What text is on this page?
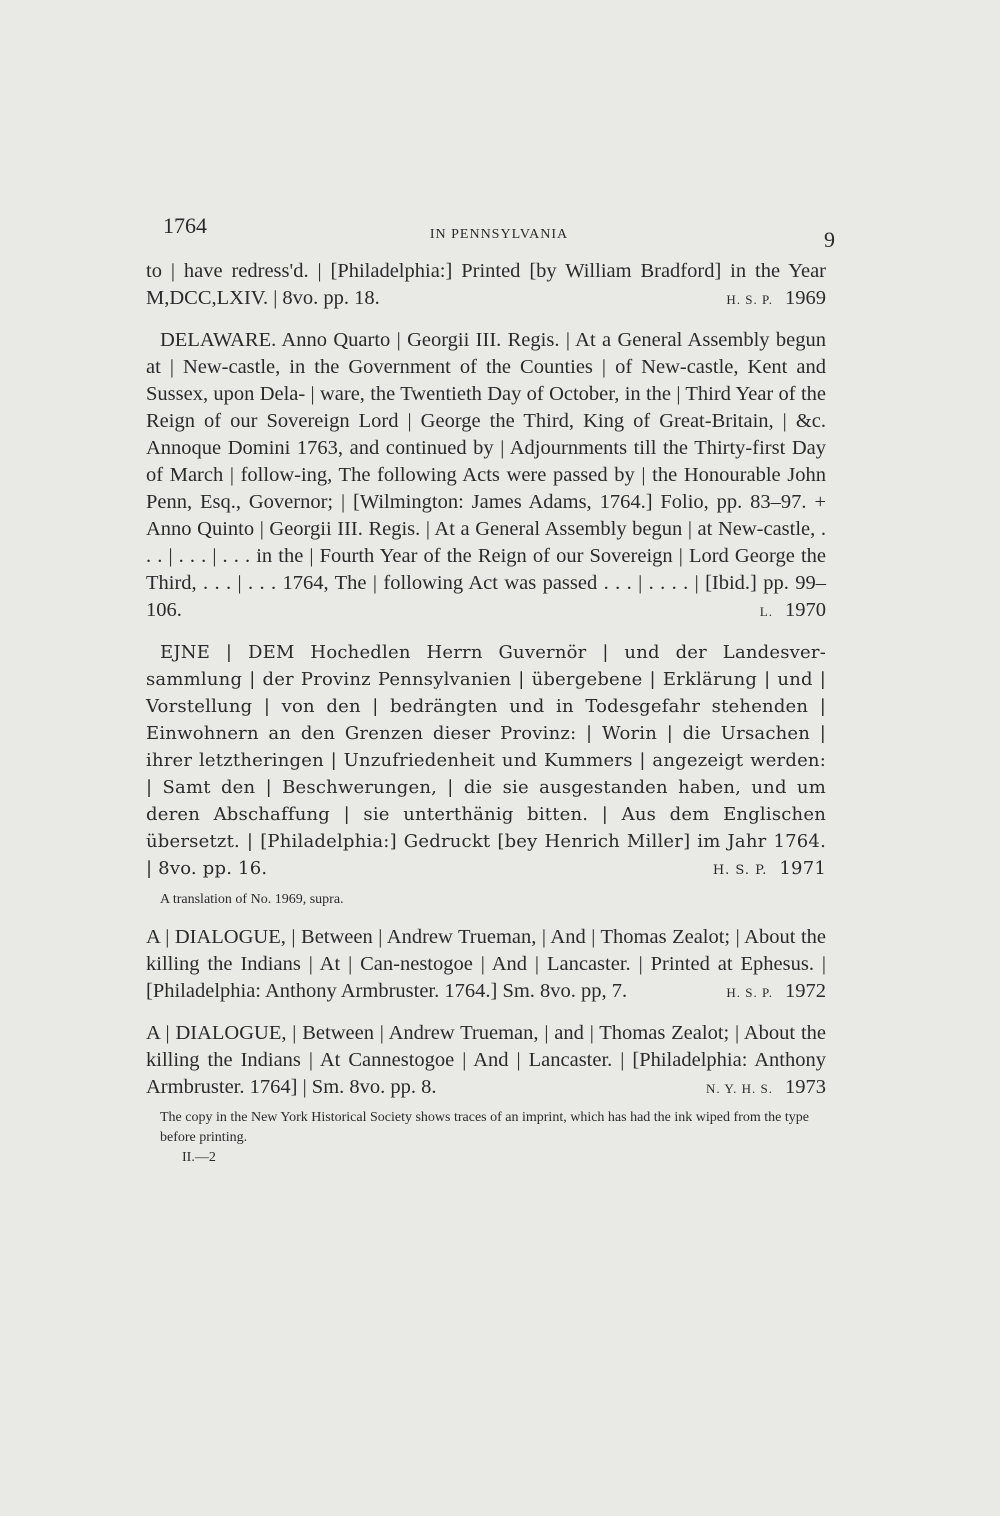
1764	IN PENNSYLVANIA	9
to | have redress'd. | [Philadelphia:] Printed [by William Bradford] in the Year M,DCC,LXIV. | 8vo. pp. 18.	H. S. P. 1969
DELAWARE. Anno Quarto | Georgii III. Regis. | At a General Assembly begun at | New-castle, in the Government of the Counties | of New-castle, Kent and Sussex, upon Dela- | ware, the Twentieth Day of October, in the | Third Year of the Reign of our Sovereign Lord | George the Third, King of Great-Britain, | &c. Annoque Domini 1763, and continued by | Adjournments till the Thirty-first Day of March | follow-ing, The following Acts were passed by | the Honourable John Penn, Esq., Governor; | [Wilmington: James Adams, 1764.] Folio, pp. 83–97. + Anno Quinto | Georgii III. Regis. | At a General Assembly begun | at New-castle, . . . | . . . | . . . in the | Fourth Year of the Reign of our Sovereign | Lord George the Third, . . . | . . . 1764, The | following Act was passed . . . | . . . . | [Ibid.] pp. 99–106.	L. 1970
EJNE | DEM Hochedlen Herrn Guvernör | und der Landesver-sammlung | der Provinz Pennsylvanien | übergebene | Erklärung | und | Vorstellung | von den | bedrängten und in Todesgefahr stehenden | Einwohnern an den Grenzen dieser Provinz: | Worin | die Ursachen | ihrer letztheringen | Unzufriedenheit und Kummers | angezeigt werden: | Samt den | Beschwerungen, | die sie ausgestanden haben, und um deren Abschaffung | sie unterthänig bitten. | Aus dem Englischen übersetzt. | [Philadelphia:] Gedruckt [bey Henrich Miller] im Jahr 1764. | 8vo. pp. 16.	H. S. P. 1971
A translation of No. 1969, supra.
A | DIALOGUE, | Between | Andrew Trueman, | And | Thomas Zealot; | About the killing the Indians | At | Can-nestogoe | And | Lancaster. | Printed at Ephesus. | [Philadelphia: Anthony Armbruster. 1764.] Sm. 8vo. pp, 7.	H. S. P. 1972
A | DIALOGUE, | Between | Andrew Trueman, | and | Thomas Zealot; | About the killing the Indians | At Cannestogoe | And | Lancaster. | [Philadelphia: Anthony Armbruster. 1764] | Sm. 8vo. pp. 8.	N. Y. H. S. 1973
The copy in the New York Historical Society shows traces of an imprint, which has had the ink wiped from the type before printing.
II.—2
